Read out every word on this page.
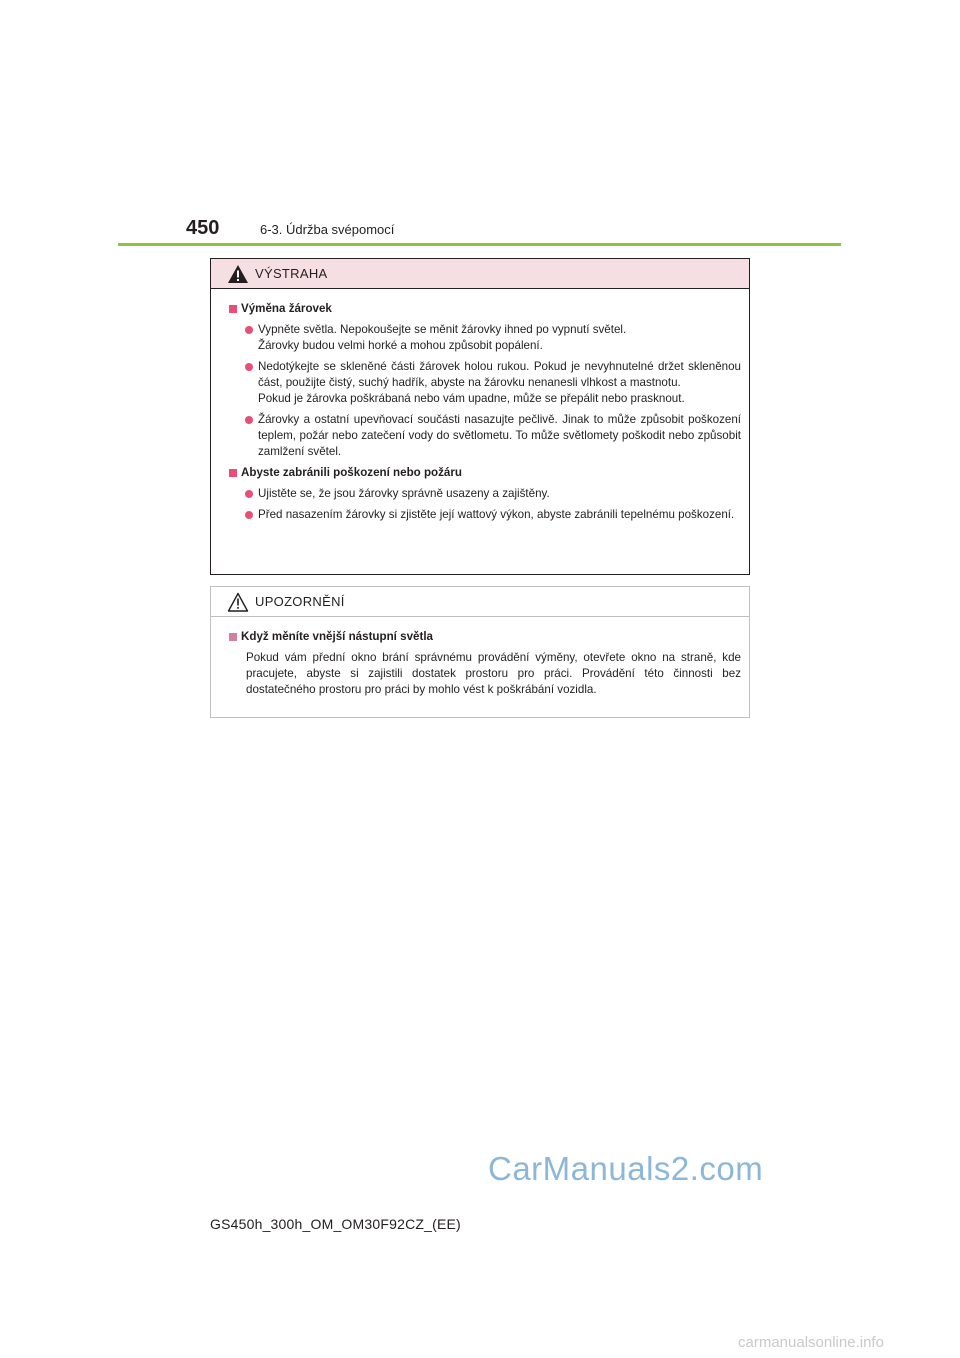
450	6-3. Údržba svépomocí
VÝSTRAHA
Výměna žárovek
Vypněte světla. Nepokoušejte se měnit žárovky ihned po vypnutí světel.
Žárovky budou velmi horké a mohou způsobit popálení.
Nedotýkejte se skleněné části žárovek holou rukou. Pokud je nevyhnutelné držet skleněnou část, použijte čistý, suchý hadřík, abyste na žárovku nenanesli vlhkost a mastnotu.
Pokud je žárovka poškrábaná nebo vám upadne, může se přepálit nebo prasknout.
Žárovky a ostatní upevňovací součásti nasazujte pečlivě. Jinak to může způsobit poškození teplem, požár nebo zatečení vody do světlometu. To může světlomety poškodit nebo způsobit zamlžení světel.
Abyste zabránili poškození nebo požáru
Ujistěte se, že jsou žárovky správně usazeny a zajištěny.
Před nasazením žárovky si zjistěte její wattový výkon, abyste zabránili tepelnému poškození.
UPOZORNĚNÍ
Když měníte vnější nástupní světla
Pokud vám přední okno brání správnému provádění výměny, otevřete okno na straně, kde pracujete, abyste si zajistili dostatek prostoru pro práci. Provádění této činnosti bez dostatečného prostoru pro práci by mohlo vést k poškrábání vozidla.
GS450h_300h_OM_OM30F92CZ_(EE)
CarManuals2.com
carmanualsonline.info
